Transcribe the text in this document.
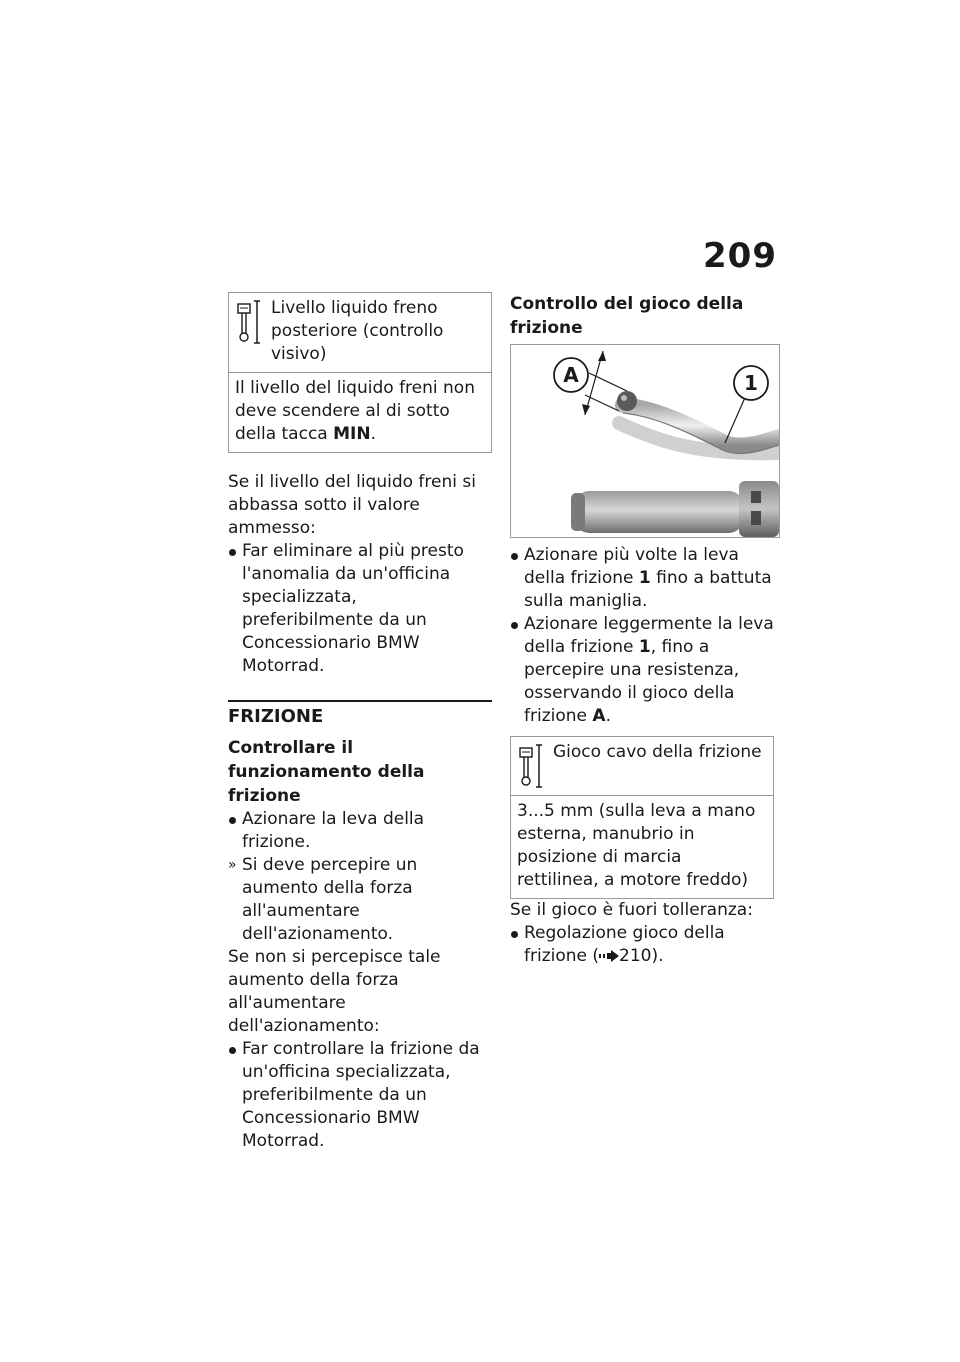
209
Livello liquido freno posteriore (controllo visivo)
Il livello del liquido freni non deve scendere al di sotto della tacca MIN.

Se il livello del liquido freni si abbassa sotto il valore ammesso:

Far eliminare al più presto l'anomalia da un'officina specializzata, preferibilmente da un Concessionario BMW Motorrad.
FRIZIONE
Controllare il funzionamento della frizione
Azionare la leva della frizione.
» Si deve percepire un aumento della forza all'aumentare dell'azionamento.

Se non si percepisce tale aumento della forza all'aumentare dell'azionamento:

Far controllare la frizione da un'officina specializzata, preferibilmente da un Concessionario BMW Motorrad.
Controllo del gioco della frizione
A	1
Azionare più volte la leva della frizione 1 fino a battuta sulla maniglia.
Azionare leggermente la leva della frizione 1, fino a percepire una resistenza, osservando il gioco della frizione A.
Gioco cavo della frizione
3...5 mm (sulla leva a mano esterna, manubrio in posizione di marcia rettilinea, a motore freddo)

Se il gioco è fuori tolleranza:

Regolazione gioco della frizione ( 210).
